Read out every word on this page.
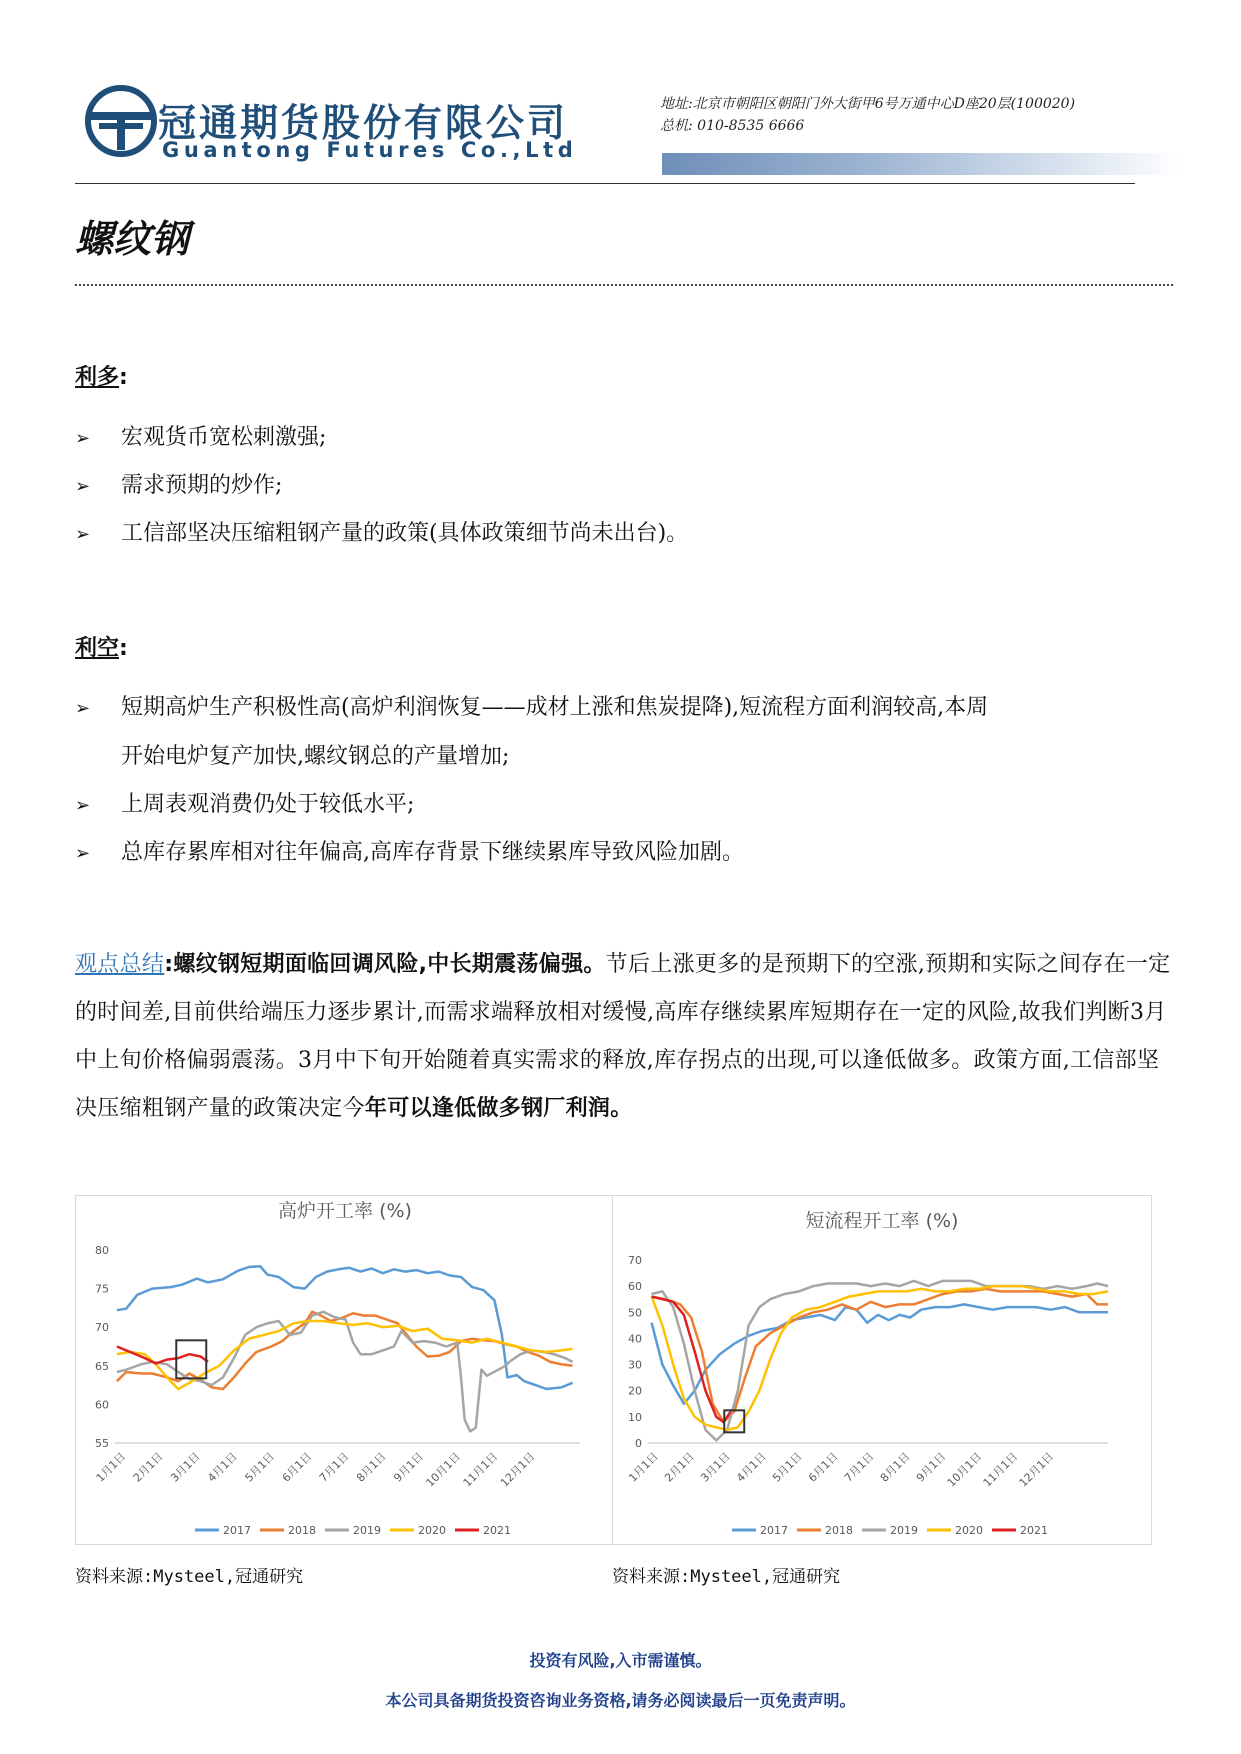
冠通期货股份有限公司
Guantong Futures Co.,Ltd
地址:北京市朝阳区朝阳门外大街甲6号万通中心D座20层(100020)
总机: 010-8535 6666
螺纹钢
利多:
➢ 宏观货币宽松刺激强;
➢ 需求预期的炒作;
➢ 工信部坚决压缩粗钢产量的政策(具体政策细节尚未出台)。
利空:
➢ 短期高炉生产积极性高(高炉利润恢复——成材上涨和焦炭提降),短流程方面利润较高,本周
开始电炉复产加快,螺纹钢总的产量增加;
➢ 上周表观消费仍处于较低水平;
➢ 总库存累库相对往年偏高,高库存背景下继续累库导致风险加剧。
观点总结:螺纹钢短期面临回调风险,中长期震荡偏强。节后上涨更多的是预期下的空涨,预期和实际之间存在一定的时间差,目前供给端压力逐步累计,而需求端释放相对缓慢,高库存继续累库短期存在一定的风险,故我们判断3月中上旬价格偏弱震荡。3月中下旬开始随着真实需求的释放,库存拐点的出现,可以逢低做多。政策方面,工信部坚决压缩粗钢产量的政策决定今年可以逢低做多钢厂利润。
高炉开工率 (%)
55
60
65
70
75
80
1月1日 2月1日 3月1日 4月1日 5月1日 6月1日 7月1日 8月1日 9月1日
10月1日
11月1日
12月1日
2017	2018	2019	2020	2021
短流程开工率 (%)
0
10
20
30
40
50
60
70
1月1日 2月1日 3月1日 4月1日 5月1日 6月1日 7月1日 8月1日 9月1日
10月1日
11月1日
12月1日
2017	2018	2019	2020	2021
资料来源:Mysteel,冠通研究	资料来源:Mysteel,冠通研究
投资有风险,入市需谨慎。
本公司具备期货投资咨询业务资格,请务必阅读最后一页免责声明。
